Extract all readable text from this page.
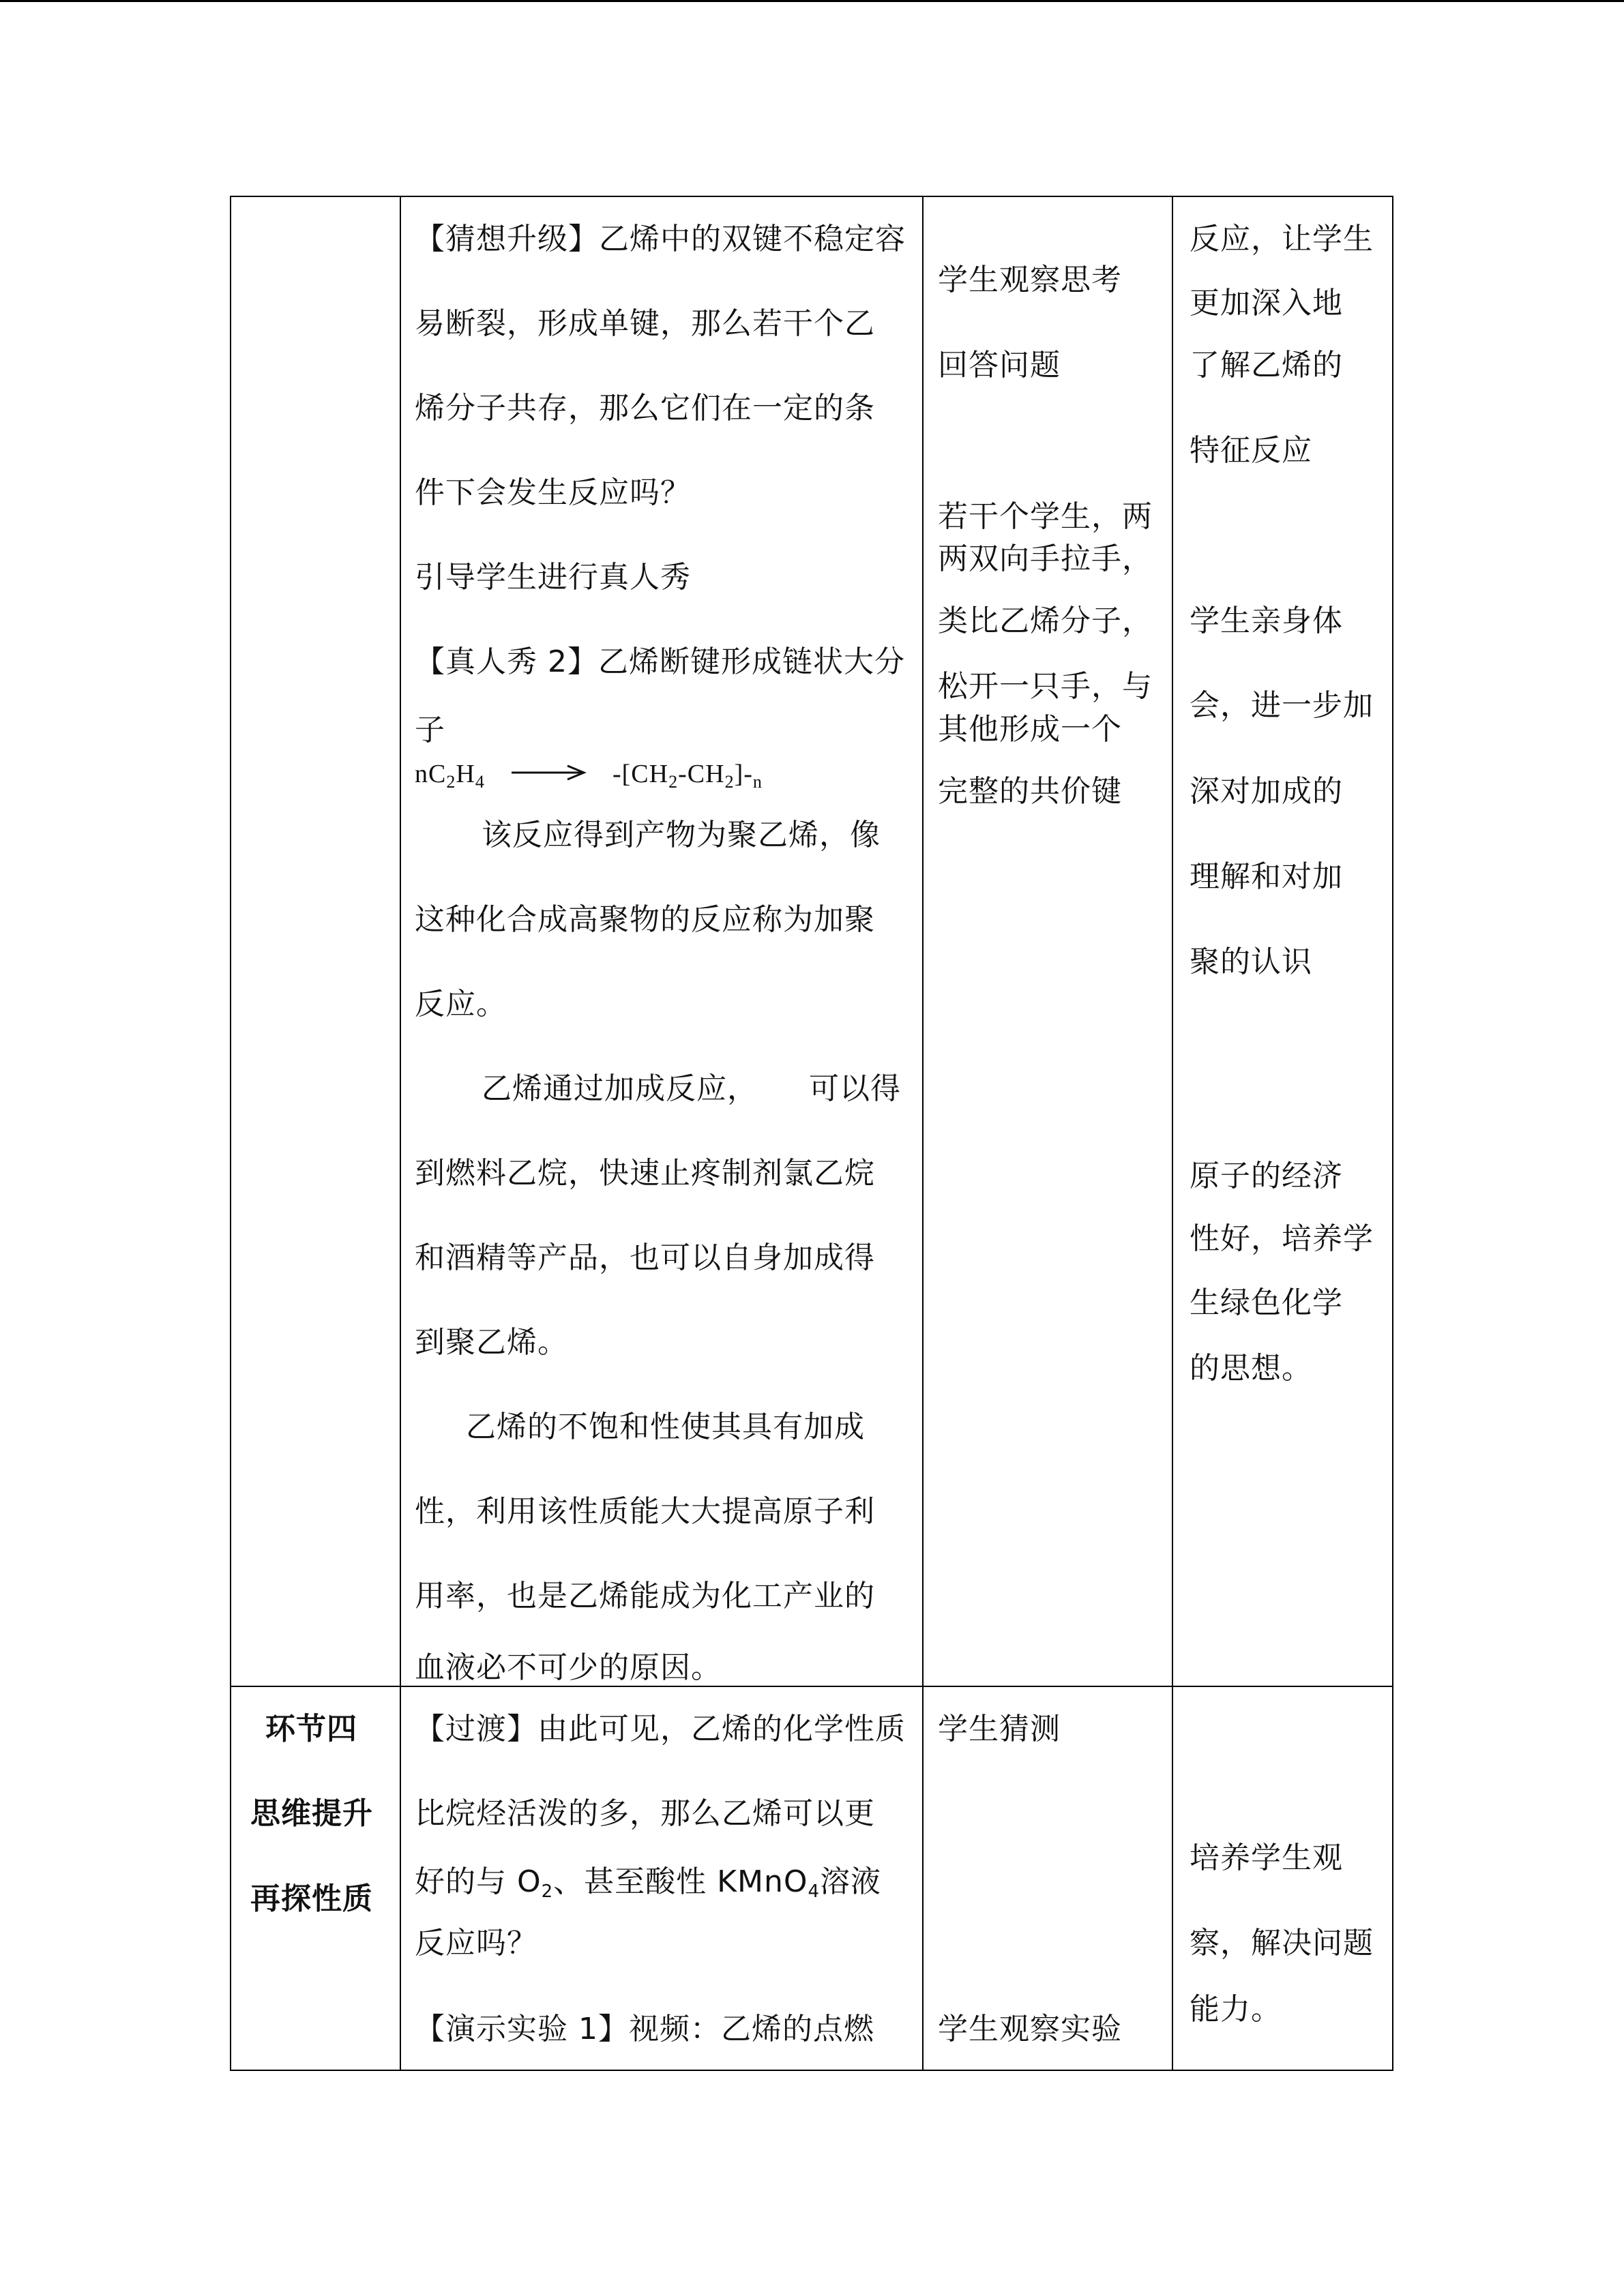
【猜想升级】乙烯中的双键不稳定容
易断裂，形成单键，那么若干个乙
烯分子共存，那么它们在一定的条
件下会发生反应吗？
引导学生进行真人秀
【真人秀 2】乙烯断键形成链状大分
子
$nC_2H_4$	$-[CH_2-CH_2]-_n$
该反应得到产物为聚乙烯，像
这种化合成高聚物的反应称为加聚
反应。
乙烯通过加成反应， 可以得
到燃料乙烷，快速止疼制剂氯乙烷
和酒精等产品，也可以自身加成得
到聚乙烯。
乙烯的不饱和性使其具有加成
性，利用该性质能大大提高原子利
用率，也是乙烯能成为化工产业的
血液必不可少的原因。
学生观察思考
回答问题
若干个学生，两
两双向手拉手，
类比乙烯分子，
松开一只手，与
其他形成一个
完整的共价键
反应，让学生
更加深入地
了解乙烯的
特征反应
学生亲身体
会，进一步加
深对加成的
理解和对加
聚的认识
原子的经济
性好，培养学
生绿色化学
的思想。
环节四
思维提升
再探性质
【过渡】由此可见，乙烯的化学性质
比烷烃活泼的多，那么乙烯可以更
好的与 $O_2$、甚至酸性 KMnO$_4$溶液
反应吗？
【演示实验 1】视频：乙烯的点燃
学生猜测
学生观察实验
培养学生观
察，解决问题
能力。
